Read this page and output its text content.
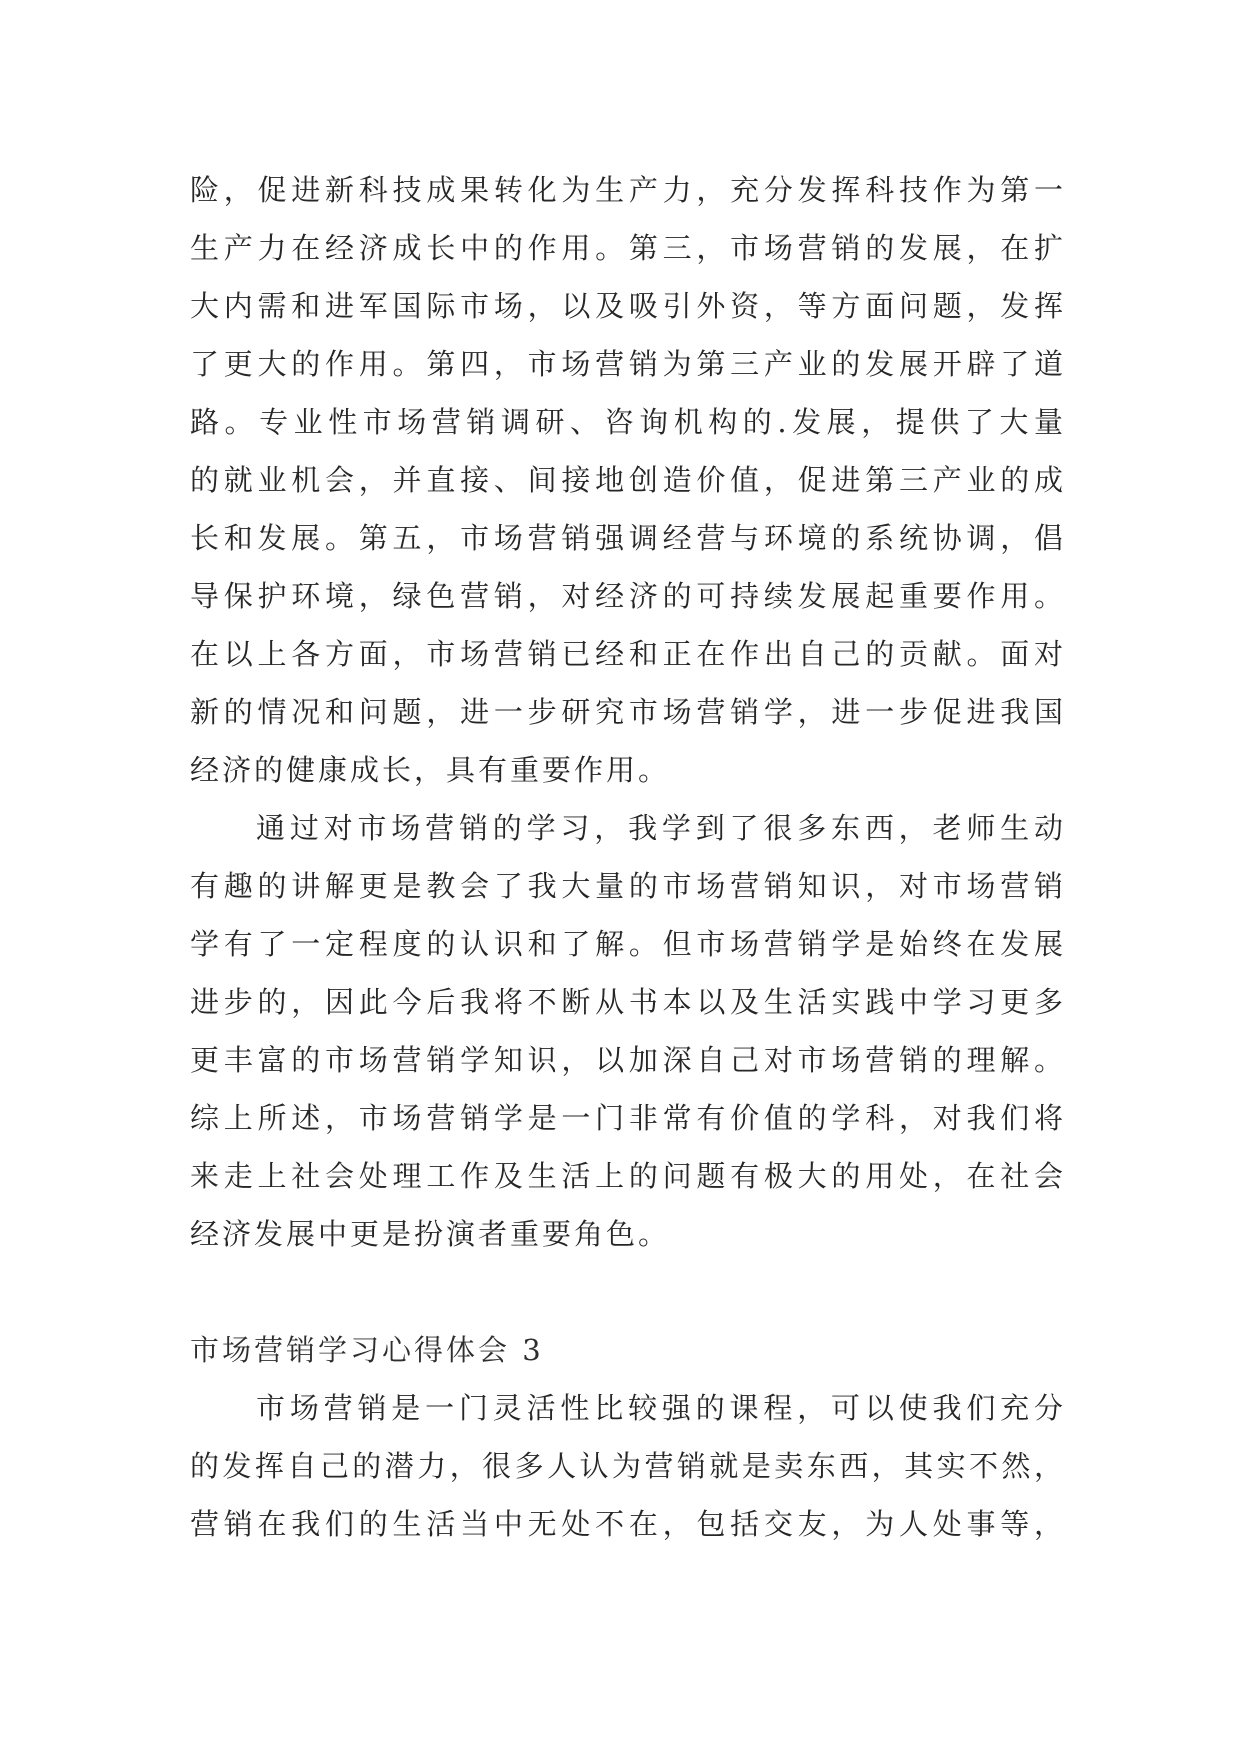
险，促进新科技成果转化为生产力，充分发挥科技作为第一
生产力在经济成长中的作用。第三，市场营销的发展，在扩
大内需和进军国际市场，以及吸引外资，等方面问题，发挥
了更大的作用。第四，市场营销为第三产业的发展开辟了道
路。专业性市场营销调研、咨询机构的.发展，提供了大量
的就业机会，并直接、间接地创造价值，促进第三产业的成
长和发展。第五，市场营销强调经营与环境的系统协调，倡
导保护环境，绿色营销，对经济的可持续发展起重要作用。
在以上各方面，市场营销已经和正在作出自己的贡献。面对
新的情况和问题，进一步研究市场营销学，进一步促进我国
经济的健康成长，具有重要作用。
通过对市场营销的学习，我学到了很多东西，老师生动
有趣的讲解更是教会了我大量的市场营销知识，对市场营销
学有了一定程度的认识和了解。但市场营销学是始终在发展
进步的，因此今后我将不断从书本以及生活实践中学习更多
更丰富的市场营销学知识，以加深自己对市场营销的理解。
综上所述，市场营销学是一门非常有价值的学科，对我们将
来走上社会处理工作及生活上的问题有极大的用处，在社会
经济发展中更是扮演者重要角色。
市场营销学习心得体会 3
市场营销是一门灵活性比较强的课程，可以使我们充分
的发挥自己的潜力，很多人认为营销就是卖东西，其实不然，
营销在我们的生活当中无处不在，包括交友，为人处事等，
